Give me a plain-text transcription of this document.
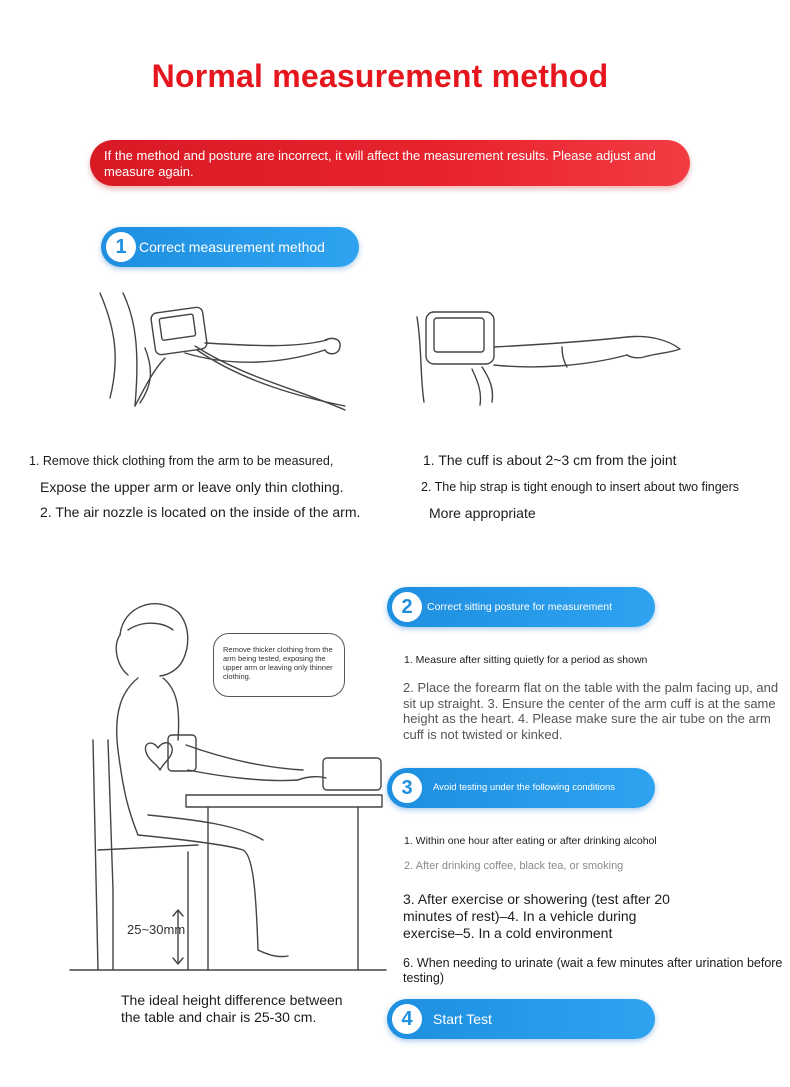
Normal measurement method
If the method and posture are incorrect, it will affect the measurement results. Please adjust and measure again.
1 Correct measurement method
1. Remove thick clothing from the arm to be measured,
Expose the upper arm or leave only thin clothing.
2. The air nozzle is located on the inside of the arm.
1. The cuff is about 2~3 cm from the joint
2. The hip strap is tight enough to insert about two fingers
More appropriate
25~30mm
Remove thicker clothing from the arm being tested, exposing the upper arm or leaving only thinner clothing.
The ideal height difference between the table and chair is 25-30 cm.
2	Correct sitting posture for measurement
1. Measure after sitting quietly for a period as shown
2. Place the forearm flat on the table with the palm facing up, and sit up straight. 3. Ensure the center of the arm cuff is at the same height as the heart. 4. Please make sure the air tube on the arm cuff is not twisted or kinked.
3	Avoid testing under the following conditions
1. Within one hour after eating or after drinking alcohol
2. After drinking coffee, black tea, or smoking
3. After exercise or showering (test after 20 minutes of rest)–4. In a vehicle during exercise–5. In a cold environment
6. When needing to urinate (wait a few minutes after urination before testing)
4	Start Test
